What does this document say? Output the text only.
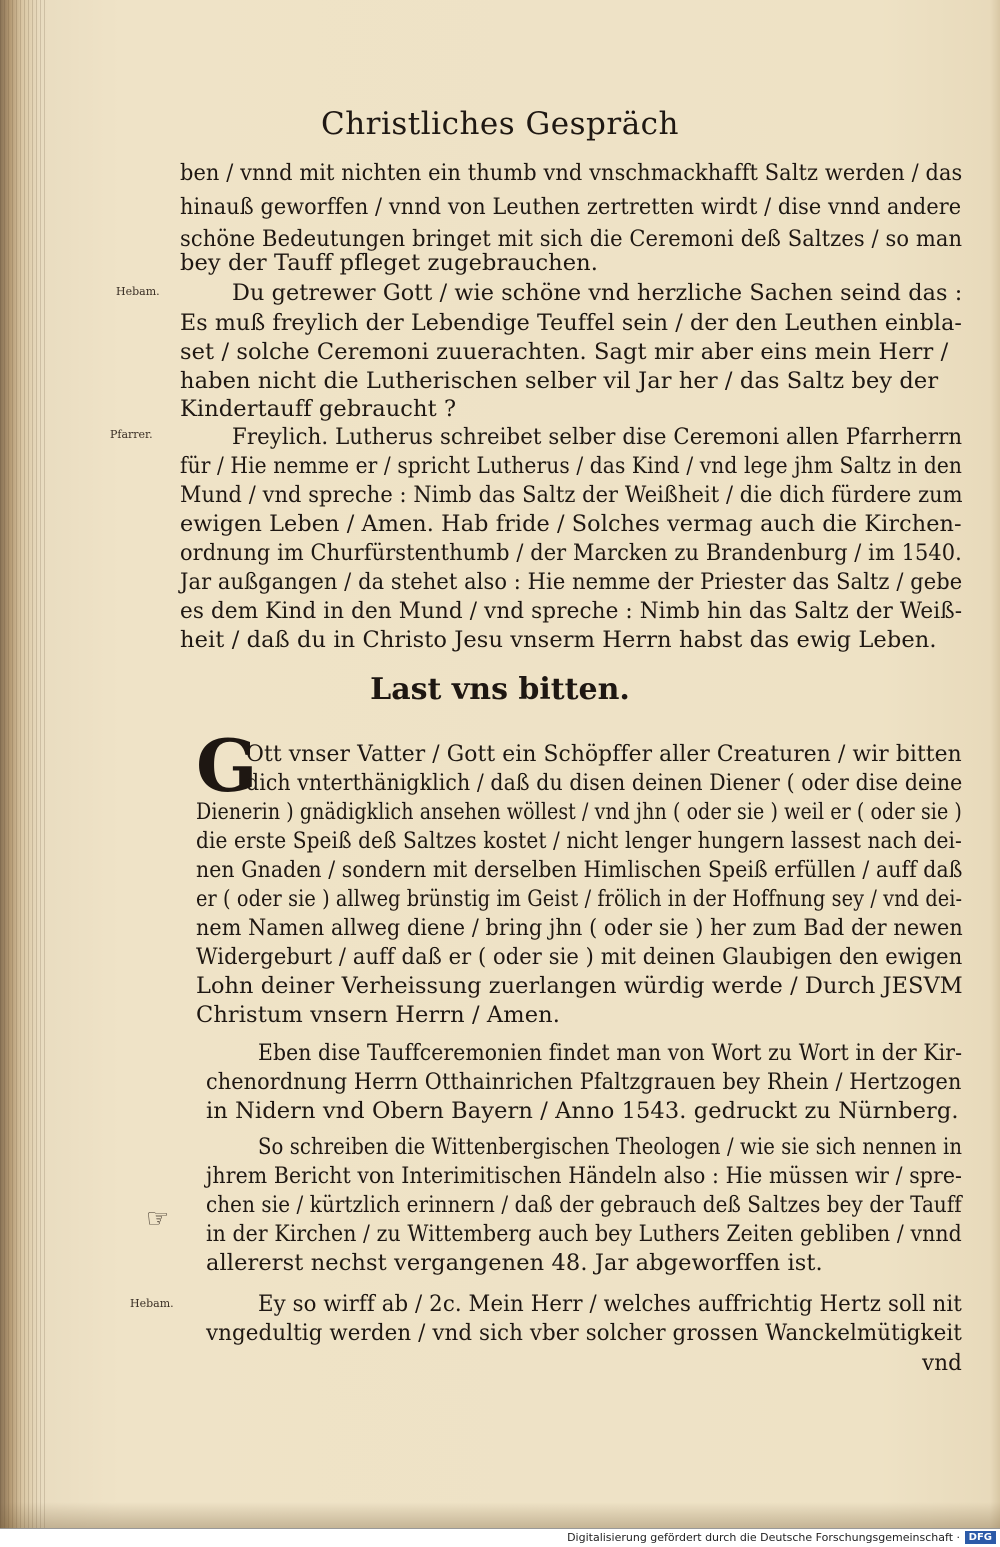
Christliches Gespräch
ben / vnnd mit nichten ein thumb vnd vnschmackhafft Saltz werden / das
hinauß geworffen / vnnd von Leuthen zertretten wirdt / dise vnnd andere
schöne Bedeutungen bringet mit sich die Ceremoni deß Saltzes / so man
bey der Tauff pfleget zugebrauchen.
Hebam.	Du getrewer Gott / wie schöne vnd herzliche Sachen seind das :
Es muß freylich der Lebendige Teuffel sein / der den Leuthen einbla-
set / solche Ceremoni zuuerachten. Sagt mir aber eins mein Herr /
haben nicht die Lutherischen selber vil Jar her / das Saltz bey der
Kindertauff gebraucht ?
Pfarrer.	Freylich. Lutherus schreibet selber dise Ceremoni allen Pfarrherrn
für / Hie nemme er / spricht Lutherus / das Kind / vnd lege jhm Saltz in den
Mund / vnd spreche : Nimb das Saltz der Weißheit / die dich fürdere zum
ewigen Leben / Amen. Hab fride / Solches vermag auch die Kirchen-
ordnung im Churfürstenthumb / der Marcken zu Brandenburg / im 1540.
Jar außgangen / da stehet also : Hie nemme der Priester das Saltz / gebe
es dem Kind in den Mund / vnd spreche : Nimb hin das Saltz der Weiß-
heit / daß du in Christo Jesu vnserm Herrn habst das ewig Leben.
Last vns bitten.
G
Ott vnser Vatter / Gott ein Schöpffer aller Creaturen / wir bitten
dich vnterthänigklich / daß du disen deinen Diener ( oder dise deine
Dienerin ) gnädigklich ansehen wöllest / vnd jhn ( oder sie ) weil er ( oder sie )
die erste Speiß deß Saltzes kostet / nicht lenger hungern lassest nach dei-
nen Gnaden / sondern mit derselben Himlischen Speiß erfüllen / auff daß
er ( oder sie ) allweg brünstig im Geist / frölich in der Hoffnung sey / vnd dei-
nem Namen allweg diene / bring jhn ( oder sie ) her zum Bad der newen
Widergeburt / auff daß er ( oder sie ) mit deinen Glaubigen den ewigen
Lohn deiner Verheissung zuerlangen würdig werde / Durch JESVM
Christum vnsern Herrn / Amen.
Eben dise Tauffceremonien findet man von Wort zu Wort in der Kir-
chenordnung Herrn Otthainrichen Pfaltzgrauen bey Rhein / Hertzogen
in Nidern vnd Obern Bayern / Anno 1543. gedruckt zu Nürnberg.
So schreiben die Wittenbergischen Theologen / wie sie sich nennen in
jhrem Bericht von Interimitischen Händeln also : Hie müssen wir / spre-
chen sie / kürtzlich erinnern / daß der gebrauch deß Saltzes bey der Tauff
in der Kirchen / zu Wittemberg auch bey Luthers Zeiten gebliben / vnnd
allererst nechst vergangenen 48. Jar abgeworffen ist.
☞
Hebam.	Ey so wirff ab / 2c. Mein Herr / welches auffrichtig Hertz soll nit
vngedultig werden / vnd sich vber solcher grossen Wanckelmütigkeit
vnd
Digitalisierung gefördert durch die Deutsche Forschungsgemeinschaft · DFG
